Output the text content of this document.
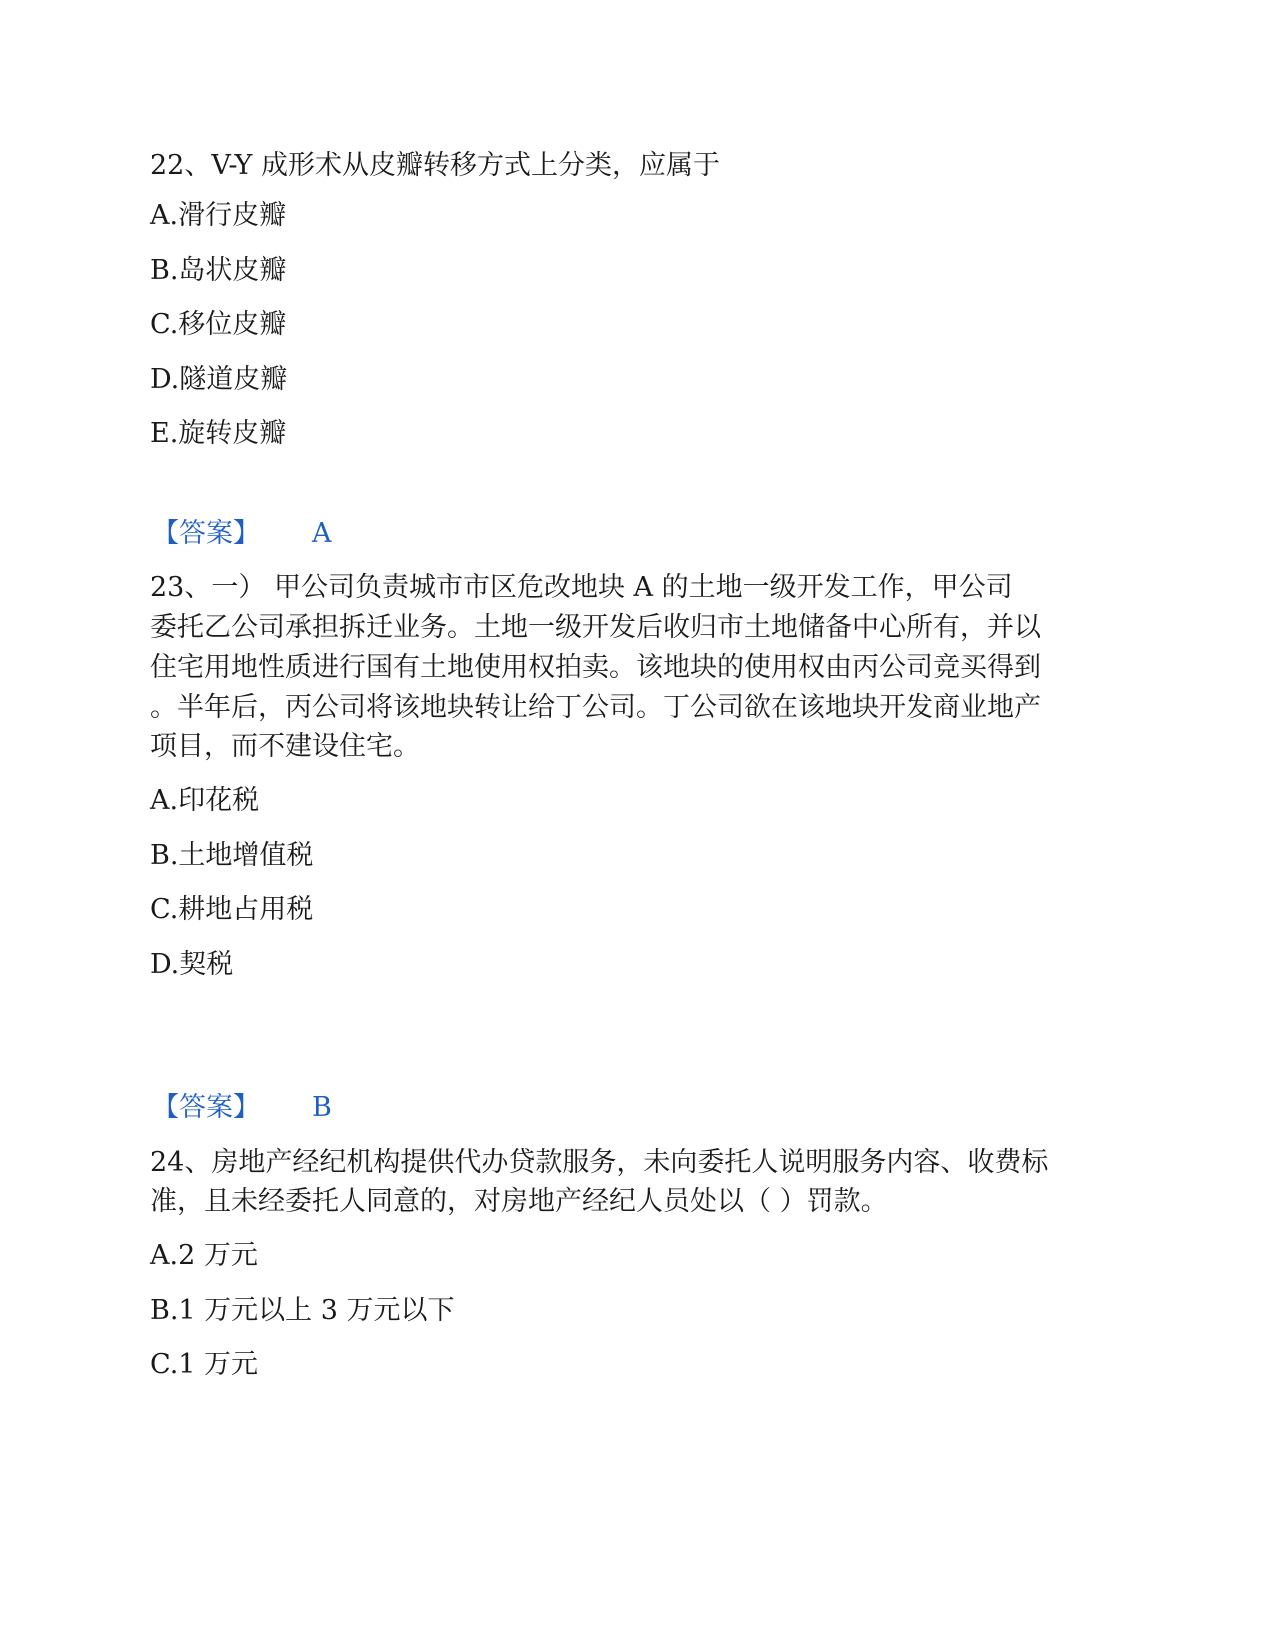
22、V-Y 成形术从皮瓣转移方式上分类，应属于
A.滑行皮瓣
B.岛状皮瓣
C.移位皮瓣
D.隧道皮瓣
E.旋转皮瓣
【答案】 A
23、一） 甲公司负责城市市区危改地块 A 的土地一级开发工作，甲公司
委托乙公司承担拆迁业务。土地一级开发后收归市土地储备中心所有，并以
住宅用地性质进行国有土地使用权拍卖。该地块的使用权由丙公司竞买得到
。半年后，丙公司将该地块转让给丁公司。丁公司欲在该地块开发商业地产
项目，而不建设住宅。
A.印花税
B.土地增值税
C.耕地占用税
D.契税
【答案】 B
24、房地产经纪机构提供代办贷款服务，未向委托人说明服务内容、收费标
准，且未经委托人同意的，对房地产经纪人员处以（ ）罚款。
A.2 万元
B.1 万元以上 3 万元以下
C.1 万元
